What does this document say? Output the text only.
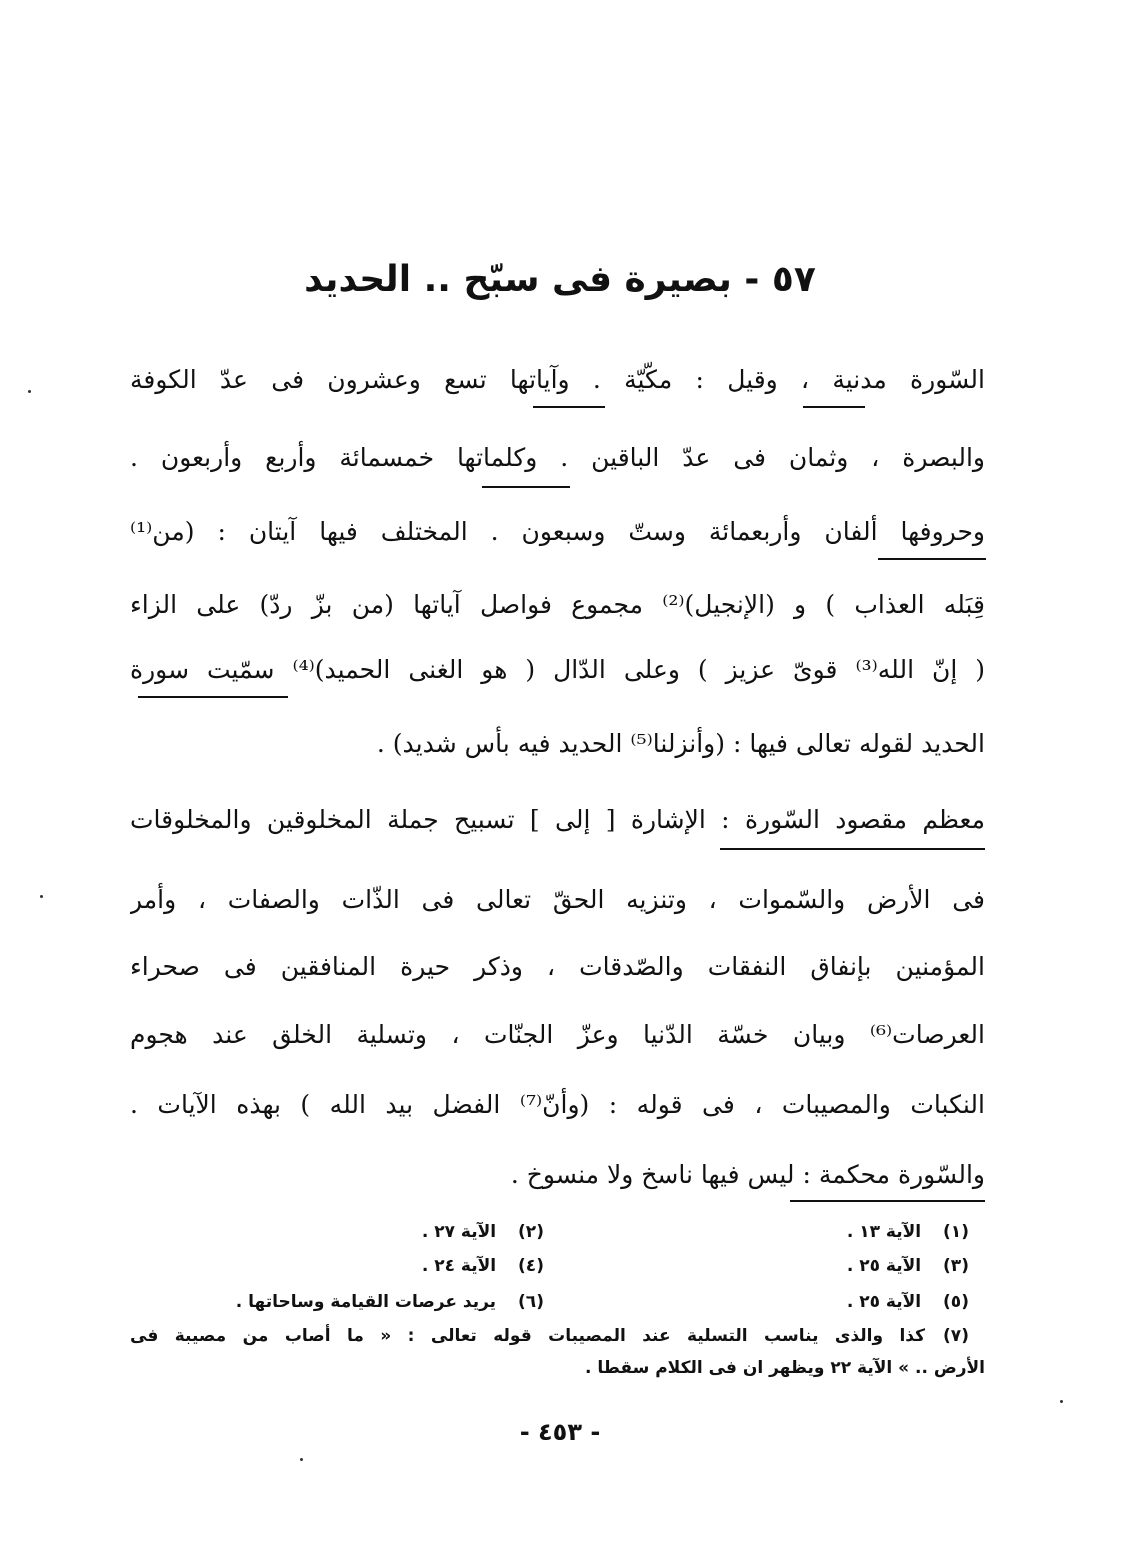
٥٧ - بصيرة فى سبّح .. الحديد
السّورة مدنية ، وقيل : مكّيّة . وآياتها تسع وعشرون فى عدّ الكوفة
والبصرة ، وثمان فى عدّ الباقين . وكلماتها خمسمائة وأربع وأربعون .
وحروفها ألفان وأربعمائة وستّ وسبعون . المختلف فيها آيتان : (من⁽¹⁾
قِبَله العذاب ) و (الإنجيل)⁽²⁾ مجموع فواصل آياتها (من بزّ ردّ) على الزاء
( إنّ الله⁽³⁾ قوىّ عزيز ) وعلى الدّال ( هو الغنى الحميد)⁽⁴⁾ سمّيت سورة
الحديد لقوله تعالى فيها : (وأنزلنا⁽⁵⁾ الحديد فيه بأس شديد) .
معظم مقصود السّورة : الإشارة [ إلى ] تسبيح جملة المخلوقين والمخلوقات
فى الأرض والسّموات ، وتنزيه الحقّ تعالى فى الذّات والصفات ، وأمر
المؤمنين بإنفاق النفقات والصّدقات ، وذكر حيرة المنافقين فى صحراء
العرصات⁽⁶⁾ وبيان خسّة الدّنيا وعزّ الجنّات ، وتسلية الخلق عند هجوم
النكبات والمصيبات ، فى قوله : (وأنّ⁽⁷⁾ الفضل بيد الله ) بهذه الآيات .
والسّورة محكمة : ليس فيها ناسخ ولا منسوخ .
(١) الآية ١٣ .
(٢) الآية ٢٧ .
(٣) الآية ٢٥ .
(٤) الآية ٢٤ .
(٥) الآية ٢٥ .
(٦) يريد عرصات القيامة وساحاتها .
(٧)
كذا والذى يناسب التسلية عند المصيبات قوله تعالى : « ما أصاب من مصيبة فى
الأرض .. » الآية ٢٢ ويظهر ان فى الكلام سقطا .
- ٤٥٣ -
